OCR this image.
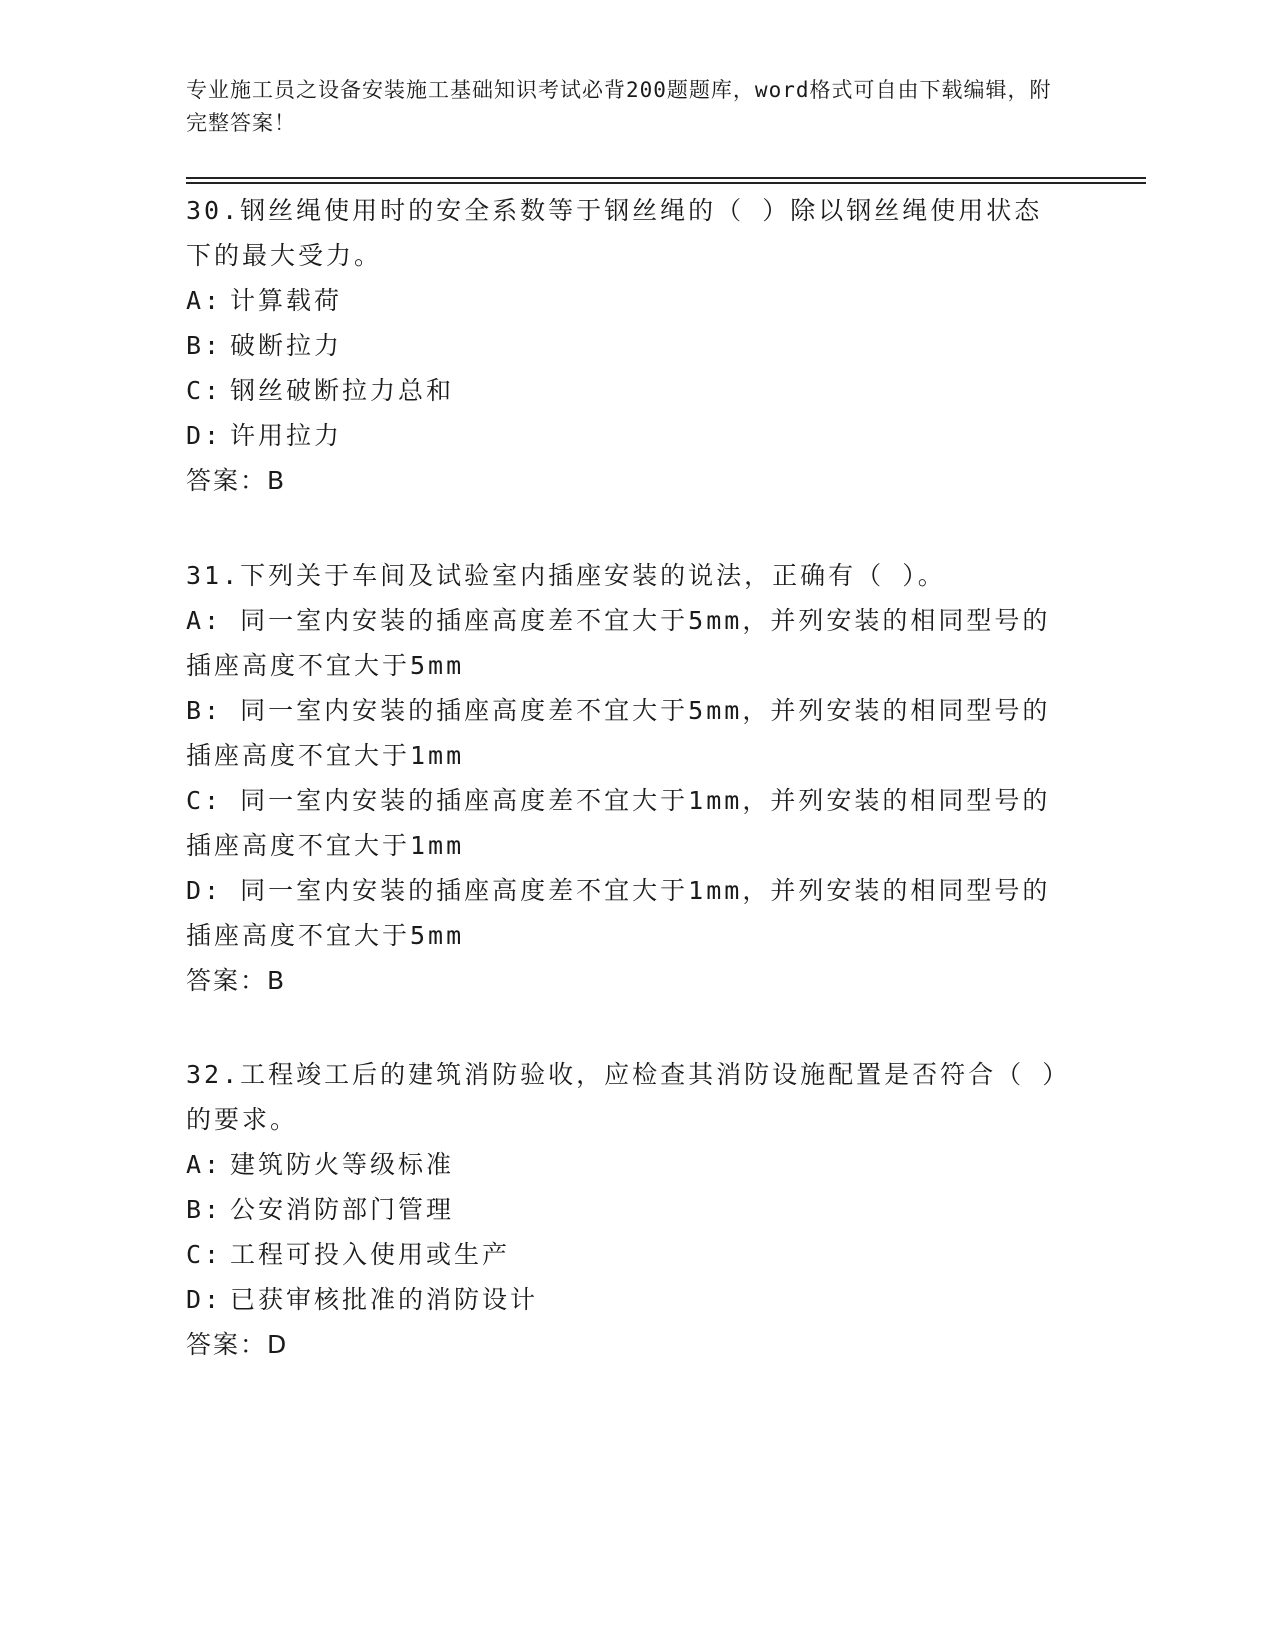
专业施工员之设备安装施工基础知识考试必背200题题库，word格式可自由下载编辑，附完整答案！
30.钢丝绳使用时的安全系数等于钢丝绳的（ ）除以钢丝绳使用状态下的最大受力。
A: 计算载荷
B: 破断拉力
C: 钢丝破断拉力总和
D: 许用拉力
答案：B
31.下列关于车间及试验室内插座安装的说法，正确有（ ）。
A: 同一室内安装的插座高度差不宜大于5mm，并列安装的相同型号的插座高度不宜大于5mm
B: 同一室内安装的插座高度差不宜大于5mm，并列安装的相同型号的插座高度不宜大于1mm
C: 同一室内安装的插座高度差不宜大于1mm，并列安装的相同型号的插座高度不宜大于1mm
D: 同一室内安装的插座高度差不宜大于1mm，并列安装的相同型号的插座高度不宜大于5mm
答案：B
32.工程竣工后的建筑消防验收，应检查其消防设施配置是否符合（ ）的要求。
A: 建筑防火等级标准
B: 公安消防部门管理
C: 工程可投入使用或生产
D: 已获审核批准的消防设计
答案：D
